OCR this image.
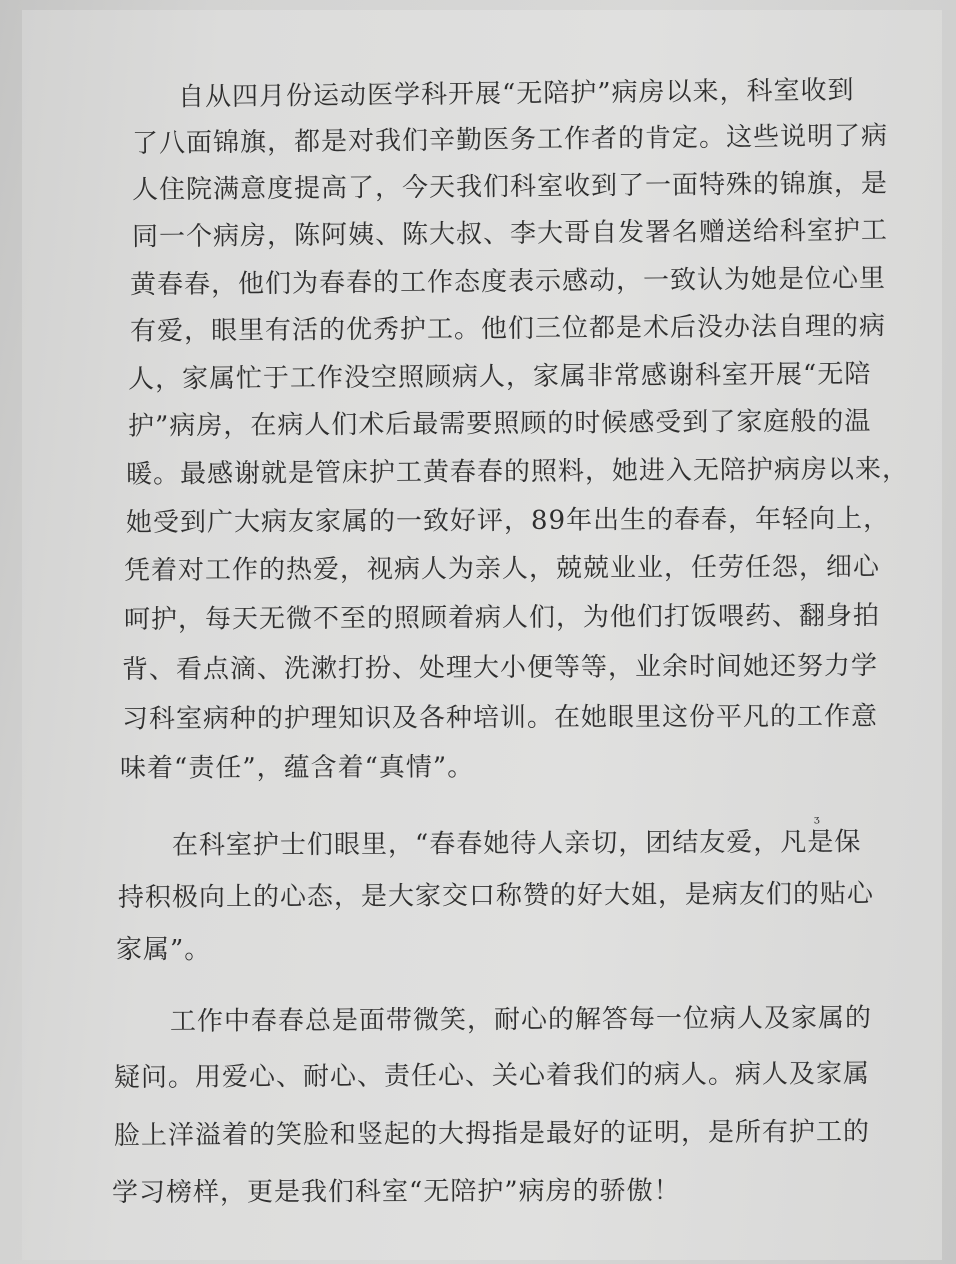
自从四月份运动医学科开展“无陪护”病房以来，科室收到

了八面锦旗，都是对我们辛勤医务工作者的肯定。这些说明了病

人住院满意度提高了，今天我们科室收到了一面特殊的锦旗，是

同一个病房，陈阿姨、陈大叔、李大哥自发署名赠送给科室护工

黄春春，他们为春春的工作态度表示感动，一致认为她是位心里

有爱，眼里有活的优秀护工。他们三位都是术后没办法自理的病

人，家属忙于工作没空照顾病人，家属非常感谢科室开展“无陪

护”病房，在病人们术后最需要照顾的时候感受到了家庭般的温

暖。最感谢就是管床护工黄春春的照料，她进入无陪护病房以来，

她受到广大病友家属的一致好评，89年出生的春春，年轻向上，

凭着对工作的热爱，视病人为亲人，兢兢业业，任劳任怨，细心

呵护，每天无微不至的照顾着病人们，为他们打饭喂药、翻身拍

背、看点滴、洗漱打扮、处理大小便等等，业余时间她还努力学

习科室病种的护理知识及各种培训。在她眼里这份平凡的工作意

味着“责任”，蕴含着“真情”。

在科室护士们眼里，“春春她待人亲切，团结友爱，凡是保

持积极向上的心态，是大家交口称赞的好大姐，是病友们的贴心

家属”。

工作中春春总是面带微笑，耐心的解答每一位病人及家属的

疑问。用爱心、耐心、责任心、关心着我们的病人。病人及家属

脸上洋溢着的笑脸和竖起的大拇指是最好的证明，是所有护工的

学习榜样，更是我们科室“无陪护”病房的骄傲！

ᶾ
